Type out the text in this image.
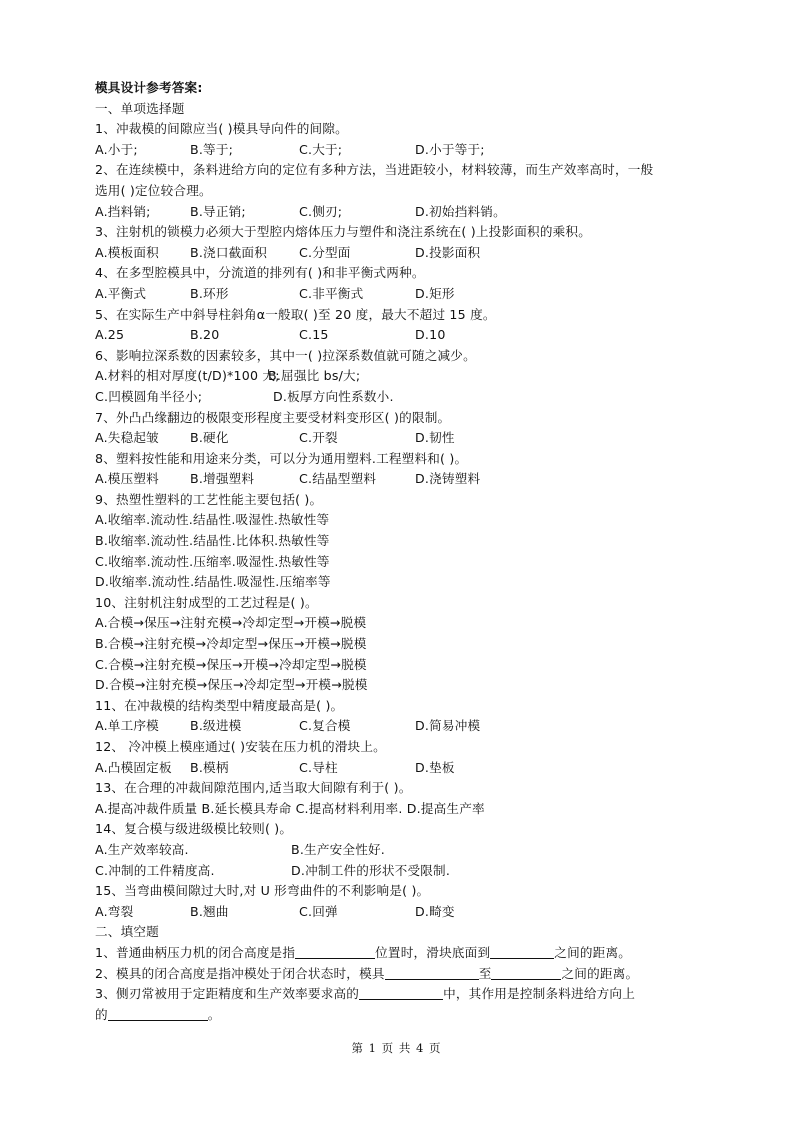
模具设计参考答案:
一、单项选择题
1、冲裁模的间隙应当( )模具导向件的间隙。
A.小于;	B.等于;	C.大于;	D.小于等于;
2、在连续模中，条料进给方向的定位有多种方法，当进距较小，材料较薄，而生产效率高时，一般
选用( )定位较合理。
A.挡料销;	B.导正销;	C.侧刃;	D.初始挡料销。
3、注射机的锁模力必须大于型腔内熔体压力与塑件和浇注系统在( )上投影面积的乘积。
A.模板面积 B.浇口截面积	C.分型面	D.投影面积
4、在多型腔模具中，分流道的排列有( )和非平衡式两种。
A.平衡式	B.环形	C.非平衡式	D.矩形
5、在实际生产中斜导柱斜角α一般取( )至 20 度，最大不超过 15 度。
A.25	B.20	C.15	D.10
6、影响拉深系数的因素较多，其中一( )拉深系数值就可随之减少。
A.材料的相对厚度(t/D)*100 大;
B.屈强比 bs/大;
C.凹模圆角半径小;	D.板厚方向性系数小.
7、外凸凸缘翻边的极限变形程度主要受材料变形区( )的限制。
A.失稳起皱 B.硬化	C.开裂	D.韧性
8、塑料按性能和用途来分类，可以分为通用塑料.工程塑料和( )。
A.模压塑料 B.增强塑料	C.结晶型塑料	D.浇铸塑料
9、热塑性塑料的工艺性能主要包括( )。
A.收缩率.流动性.结晶性.吸湿性.热敏性等
B.收缩率.流动性.结晶性.比体积.热敏性等
C.收缩率.流动性.压缩率.吸湿性.热敏性等
D.收缩率.流动性.结晶性.吸湿性.压缩率等
10、注射机注射成型的工艺过程是( )。
A.合模→保压→注射充模→冷却定型→开模→脱模
B.合模→注射充模→冷却定型→保压→开模→脱模
C.合模→注射充模→保压→开模→冷却定型→脱模
D.合模→注射充模→保压→冷却定型→开模→脱模
11、在冲裁模的结构类型中精度最高是( )。
A.单工序模 B.级进模	C.复合模	D.简易冲模
12、 冷冲模上模座通过( )安装在压力机的滑块上。
A.凸模固定板 B.模柄	C.导柱	D.垫板
13、在合理的冲裁间隙范围内,适当取大间隙有利于( )。
A.提高冲裁件质量 B.延长模具寿命 C.提高材料利用率. D.提高生产率
14、复合模与级进级模比较则( )。
A.生产效率较高.	B.生产安全性好.
C.冲制的工件精度高.	D.冲制工件的形状不受限制.
15、当弯曲模间隙过大时,对 U 形弯曲件的不利影响是( )。
A.弯裂	B.翘曲	C.回弹	D.畸变
二、填空题
1、普通曲柄压力机的闭合高度是指	位置时，滑块底面到	之间的距离。
2、模具的闭合高度是指冲模处于闭合状态时，模具	至	之间的距离。
3、侧刃常被用于定距精度和生产效率要求高的	中，其作用是控制条料进给方向上
的	。
第 1 页 共 4 页
